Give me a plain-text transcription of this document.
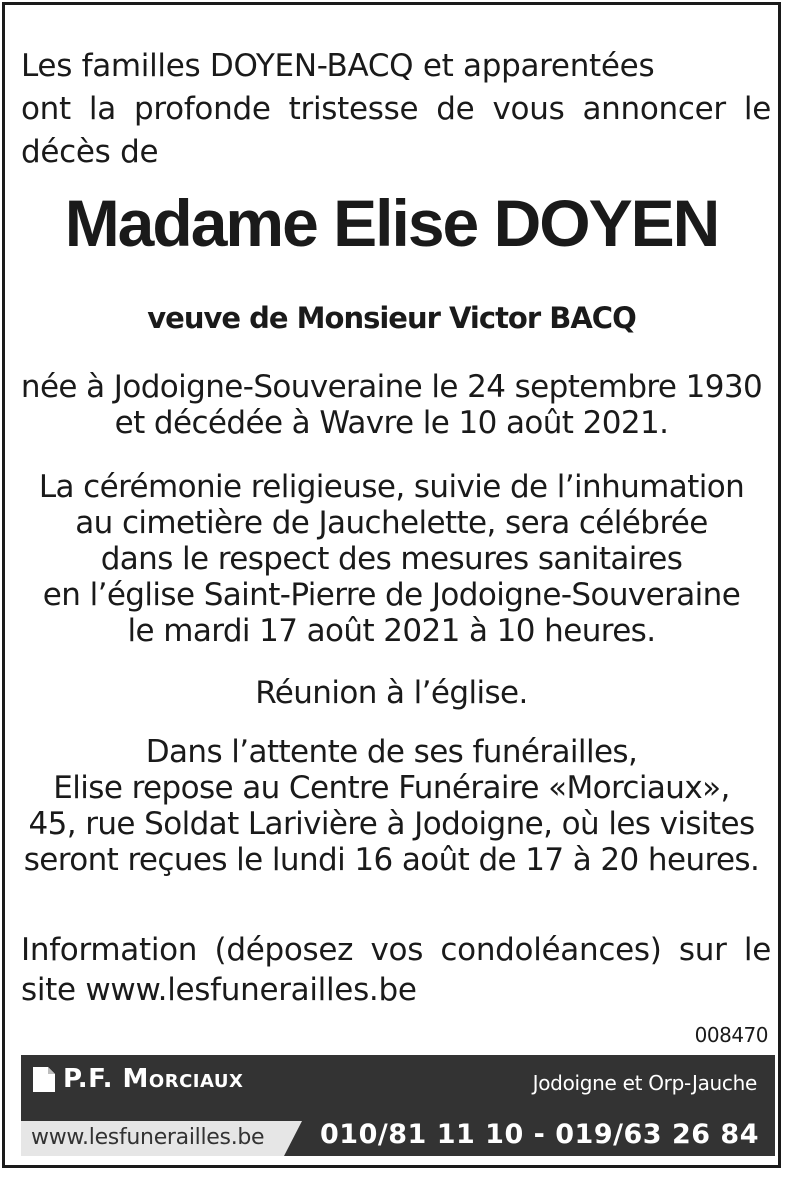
Les familles DOYEN-BACQ et apparentées
ont la profonde tristesse de vous annoncer le
décès de
Madame Elise DOYEN
veuve de Monsieur Victor BACQ

née à Jodoigne-Souveraine le 24 septembre 1930
et décédée à Wavre le 10 août 2021.

La cérémonie religieuse, suivie de l’inhumation
au cimetière de Jauchelette, sera célébrée
dans le respect des mesures sanitaires
en l’église Saint-Pierre de Jodoigne-Souveraine
le mardi 17 août 2021 à 10 heures.

Réunion à l’église.

Dans l’attente de ses funérailles,
Elise repose au Centre Funéraire «Morciaux»,
45, rue Soldat Larivière à Jodoigne, où les visites
seront reçues le lundi 16 août de 17 à 20 heures.

Information (déposez vos condoléances) sur le
site www.lesfunerailles.be
008470
P.F. Morciaux	Jodoigne et Orp-Jauche
www.lesfunerailles.be 010/81 11 10 - 019/63 26 84
